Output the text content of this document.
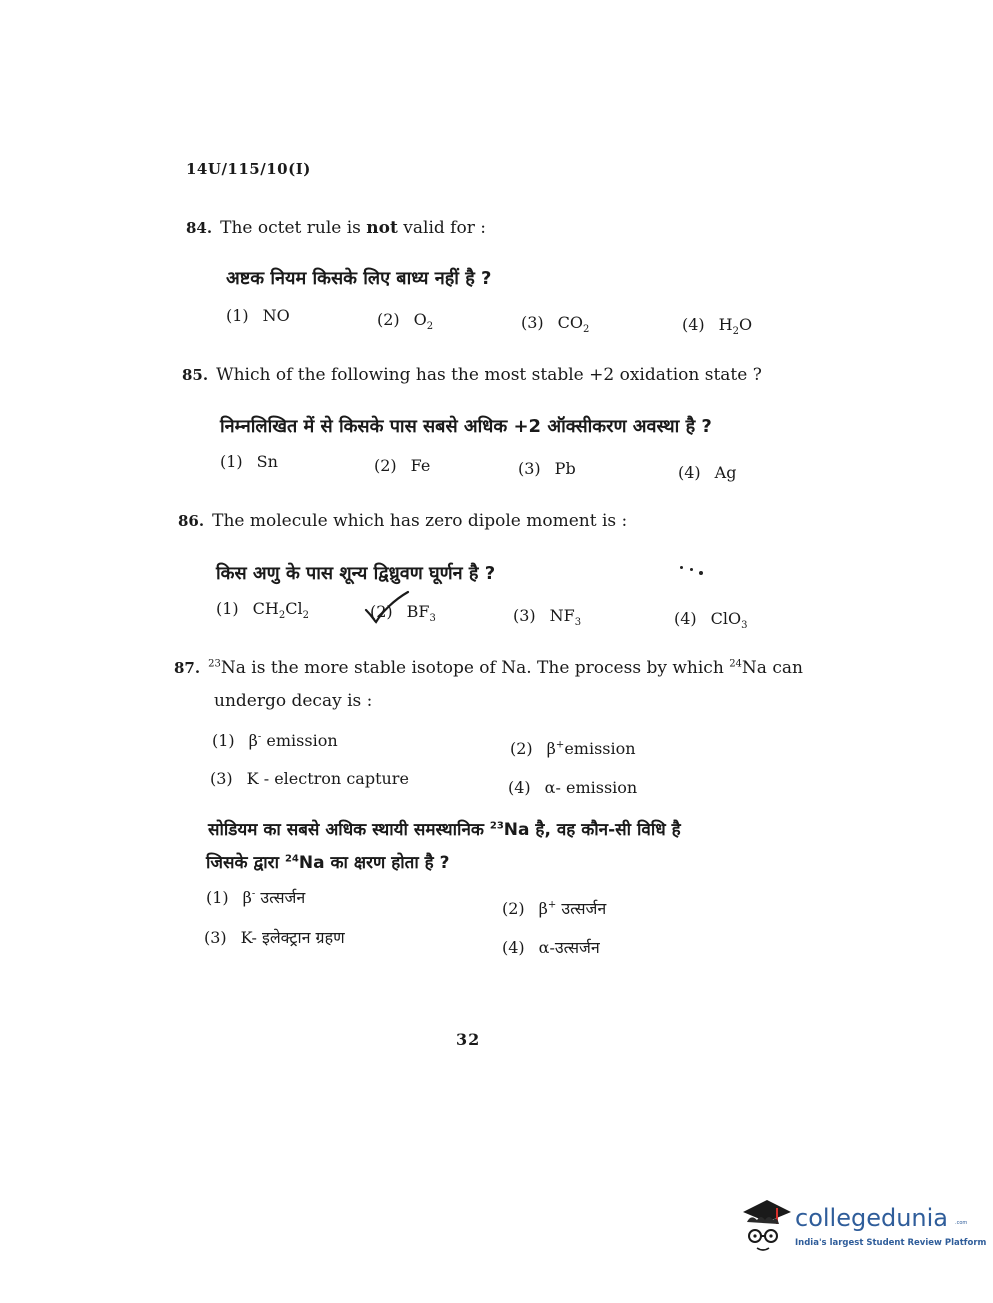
14U/115/10(I)
84. The octet rule is not valid for :
अष्टक नियम किसके लिए बाध्य नहीं है ?
(1) NO	(2) $O_2$	(3) $CO_2$	(4) $H_2O$
85. Which of the following has the most stable +2 oxidation state ?
निम्नलिखित में से किसके पास सबसे अधिक +2 ऑक्सीकरण अवस्था है ?
(1) Sn	(2) Fe	(3) Pb	(4) Ag
86. The molecule which has zero dipole moment is :
किस अणु के पास शून्य द्विध्रुवण घूर्णन है ?
(1) $CH_2Cl_2$	(2) $BF_3$	(3) $NF_3$	(4) ClO$_3$
87. $^{23}$Na is the more stable isotope of Na. The process by which $^{24}$Na can
undergo decay is :
(1) β- emission	(2) β+emission
(3) K - electron capture	(4) α- emission
सोडियम का सबसे अधिक स्थायी समस्थानिक $^{23}$Na है, वह कौन-सी विधि है
जिसके द्वारा $^{24}$Na का क्षरण होता है ?
(1) β- उत्सर्जन
(2) β+ उत्सर्जन
(3) K- इलेक्ट्रान ग्रहण
(4) α-उत्सर्जन
32
collegedunia .com
India's largest Student Review Platform
